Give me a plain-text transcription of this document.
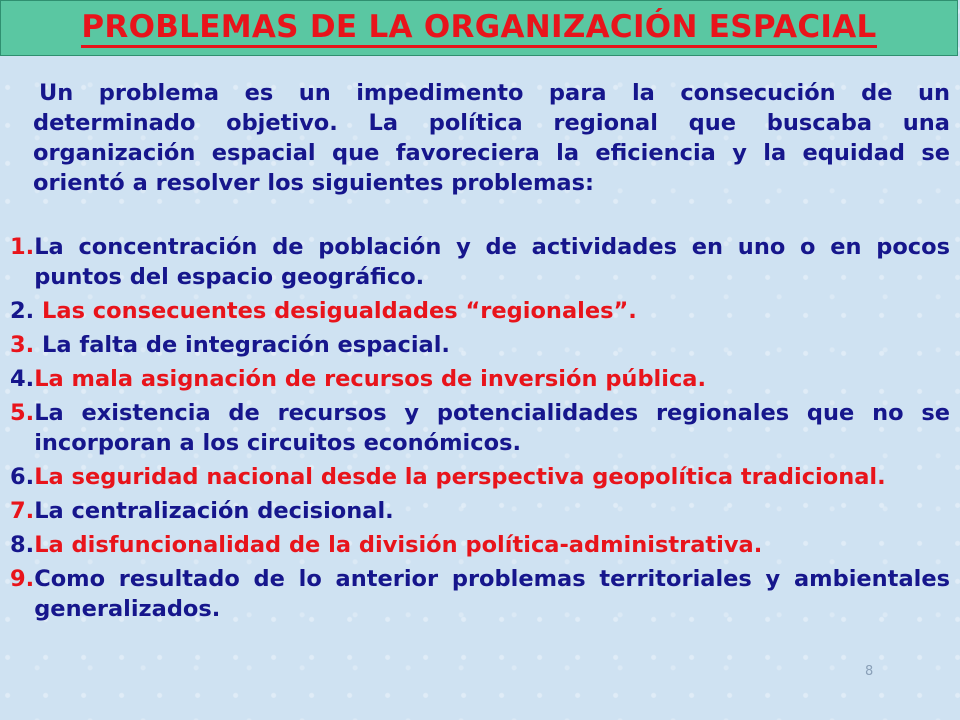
PROBLEMAS DE LA ORGANIZACIÓN ESPACIAL
Un problema es un impedimento para la consecución de un determinado objetivo. La política regional que buscaba una organización espacial que favoreciera la eficiencia y la equidad se orientó a resolver los siguientes problemas:
1. La concentración de población y de actividades en uno o en pocos puntos del espacio geográfico.
2. Las consecuentes desigualdades “regionales”.
3. La falta de integración espacial.
4. La mala asignación de recursos de inversión pública.
5. La existencia de recursos y potencialidades regionales que no se incorporan a los circuitos económicos.
6. La seguridad nacional desde la perspectiva geopolítica tradicional.
7. La centralización decisional.
8. La disfuncionalidad de la división política-administrativa.
9. Como resultado de lo anterior problemas territoriales y ambientales generalizados.
8
